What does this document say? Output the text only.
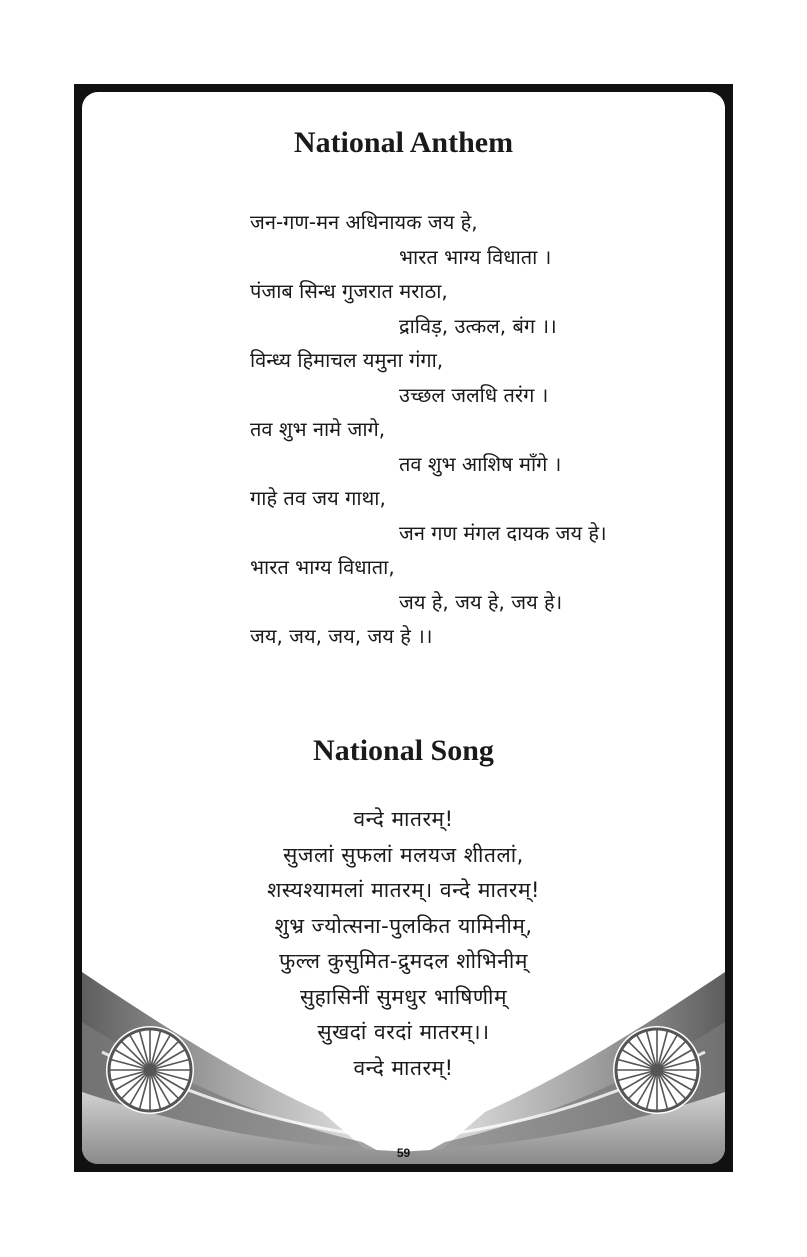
National Anthem
जन-गण-मन अधिनायक जय हे,
भारत भाग्य विधाता ।
पंजाब सिन्ध गुजरात मराठा,
द्राविड़, उत्कल, बंग ।।
विन्ध्य हिमाचल यमुना गंगा,
उच्छल जलधि तरंग ।
तव शुभ नामे जागे,
तव शुभ आशिष माँगे ।
गाहे तव जय गाथा,
जन गण मंगल दायक जय हे।
भारत भाग्य विधाता,
जय हे, जय हे, जय हे।
जय, जय, जय, जय हे ।।
National Song
वन्दे मातरम्!
सुजलां सुफलां मलयज शीतलां,
शस्यश्यामलां मातरम्। वन्दे मातरम्!
शुभ्र ज्योत्सना-पुलकित यामिनीम्,
फुल्ल कुसुमित-द्रुमदल शोभिनीम्
सुहासिनीं सुमधुर भाषिणीम्
सुखदां वरदां मातरम्।।
वन्दे मातरम्!
59
